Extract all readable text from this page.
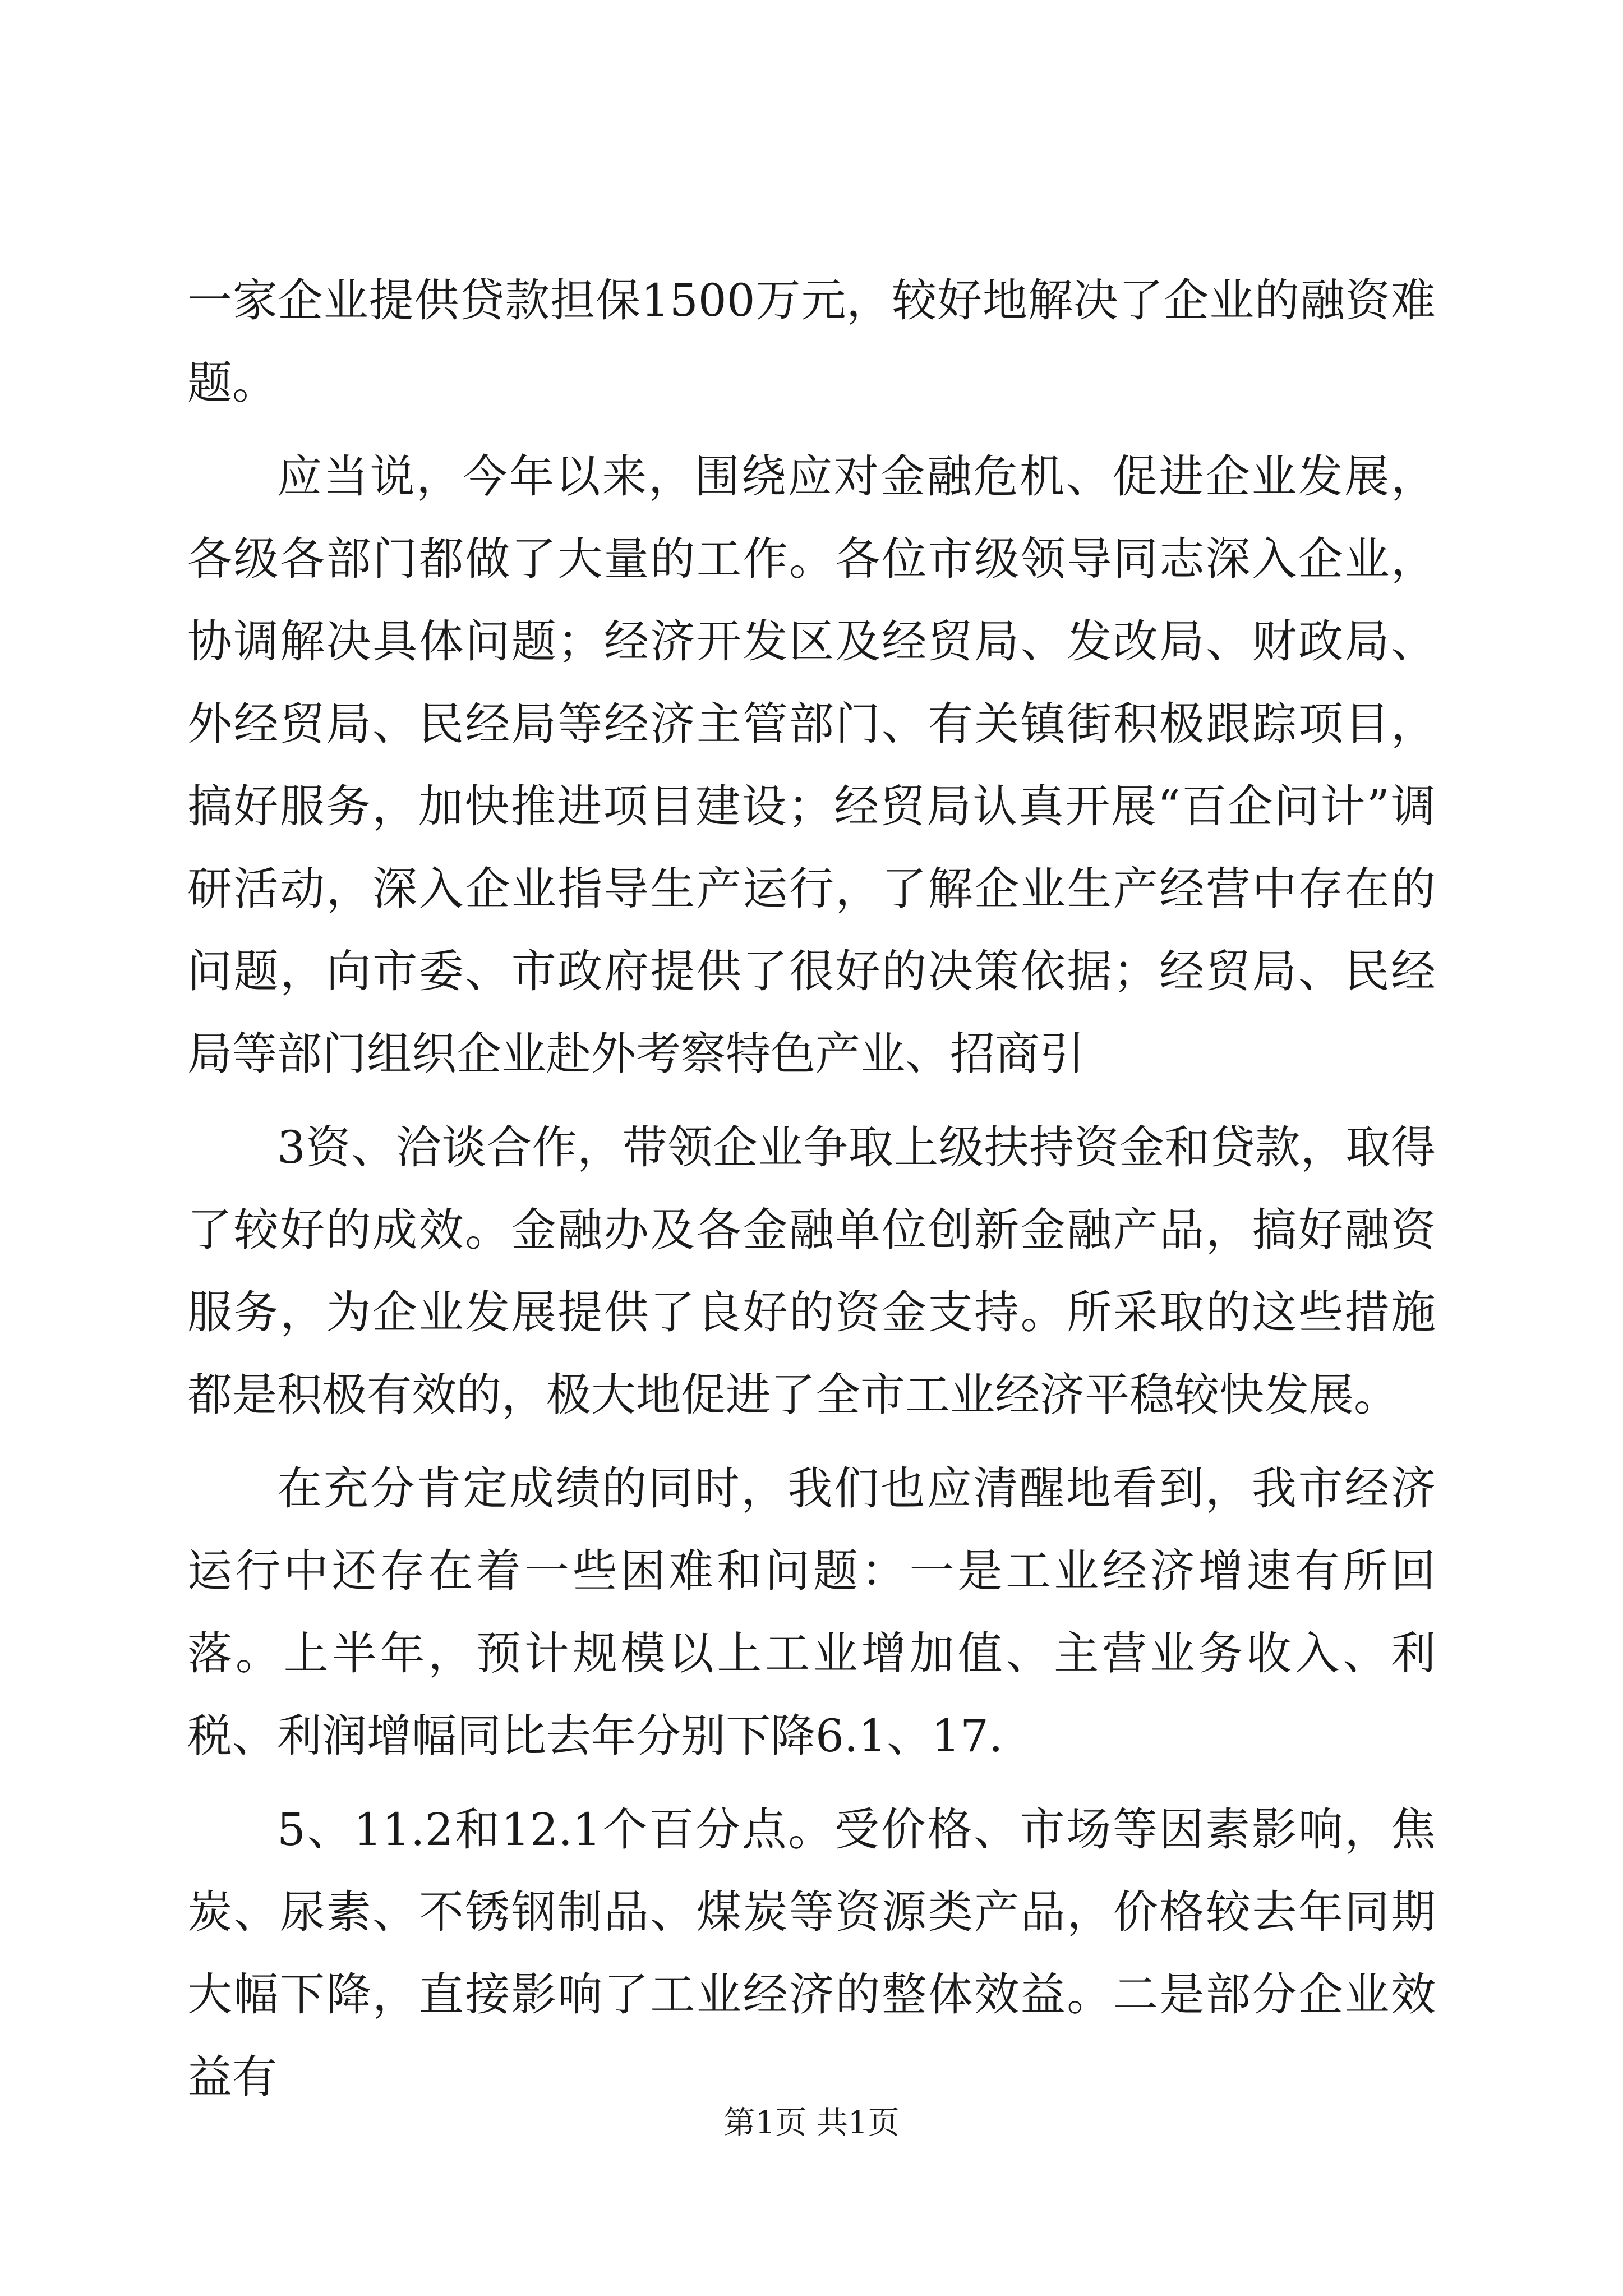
一家企业提供贷款担保1500万元，较好地解决了企业的融资难题。

应当说，今年以来，围绕应对金融危机、促进企业发展，各级各部门都做了大量的工作。各位市级领导同志深入企业，协调解决具体问题；经济开发区及经贸局、发改局、财政局、外经贸局、民经局等经济主管部门、有关镇街积极跟踪项目，搞好服务，加快推进项目建设；经贸局认真开展“百企问计”调研活动，深入企业指导生产运行，了解企业生产经营中存在的问题，向市委、市政府提供了很好的决策依据；经贸局、民经局等部门组织企业赴外考察特色产业、招商引

3资、洽谈合作，带领企业争取上级扶持资金和贷款，取得了较好的成效。金融办及各金融单位创新金融产品，搞好融资服务，为企业发展提供了良好的资金支持。所采取的这些措施都是积极有效的，极大地促进了全市工业经济平稳较快发展。

在充分肯定成绩的同时，我们也应清醒地看到，我市经济运行中还存在着一些困难和问题：一是工业经济增速有所回落。上半年，预计规模以上工业增加值、主营业务收入、利税、利润增幅同比去年分别下降6.1、17.

5、11.2和12.1个百分点。受价格、市场等因素影响，焦炭、尿素、不锈钢制品、煤炭等资源类产品，价格较去年同期大幅下降，直接影响了工业经济的整体效益。二是部分企业效益有

第1页 共1页
